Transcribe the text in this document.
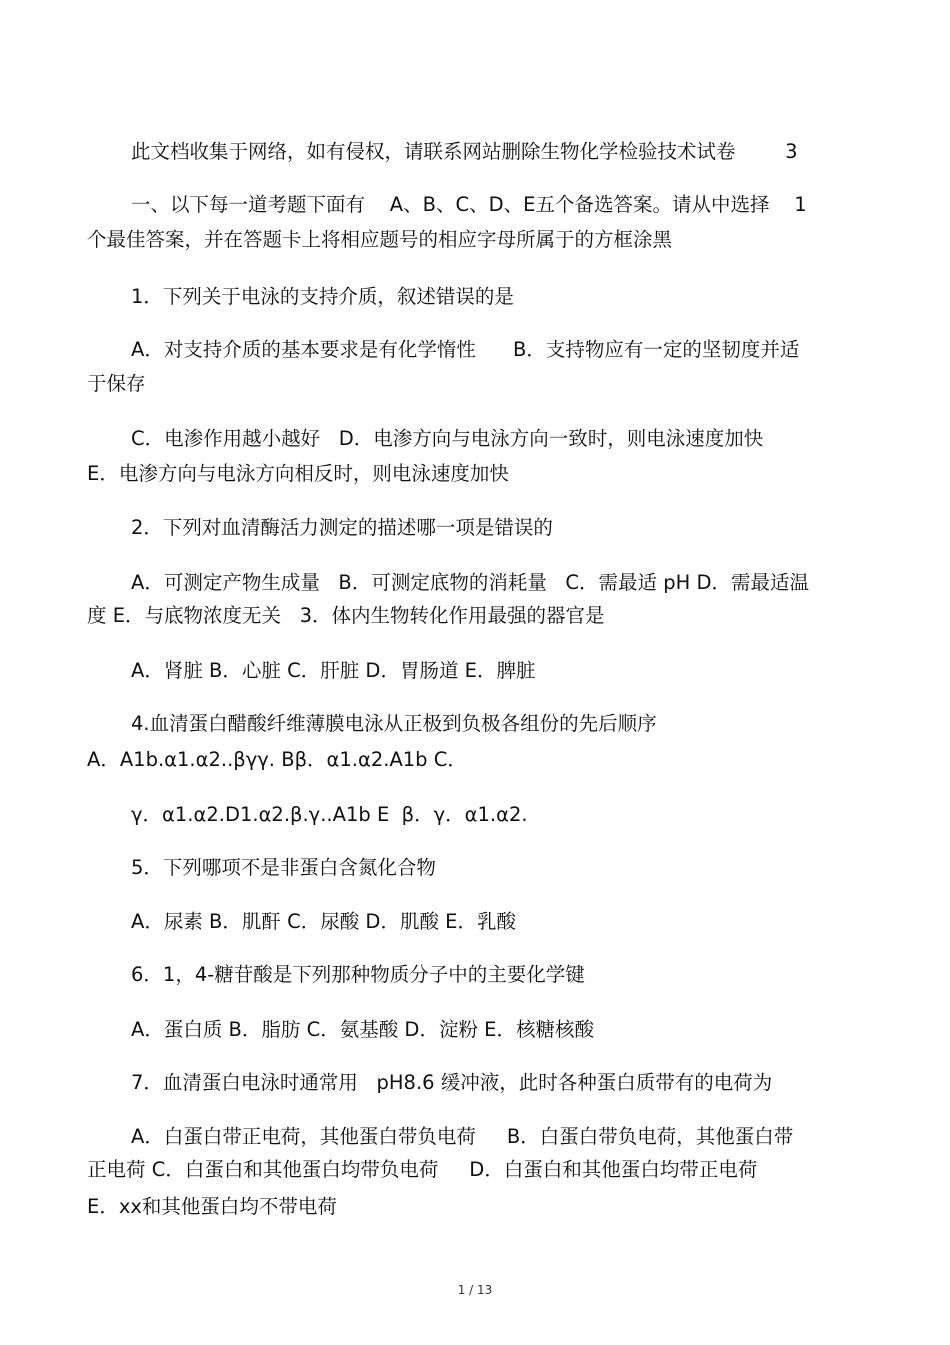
此文档收集于网络，如有侵权，请联系网站删除生物化学检验技术试卷        3
一、以下每一道考题下面有    A、B、C、D、E五个备选答案。请从中选择    1
个最佳答案，并在答题卡上将相应题号的相应字母所属于的方框涂黑
1．下列关于电泳的支持介质，叙述错误的是
A．对支持介质的基本要求是有化学惰性      B．支持物应有一定的坚韧度并适
于保存
C．电渗作用越小越好   D．电渗方向与电泳方向一致时，则电泳速度加快
E．电渗方向与电泳方向相反时，则电泳速度加快
2．下列对血清酶活力测定的描述哪一项是错误的
A．可测定产物生成量   B．可测定底物的消耗量   C．需最适 pH D．需最适温
度 E．与底物浓度无关   3．体内生物转化作用最强的器官是
A．肾脏 B．心脏 C．肝脏 D．胃肠道 E．脾脏
4.血清蛋白醋酸纤维薄膜电泳从正极到负极各组份的先后顺序
A．A1b.α1.α2..βγγ. Bβ．α1.α2.A1b C．
γ．α1.α2.D1.α2.β.γ..A1b E  β．γ．α1.α2.
5．下列哪项不是非蛋白含氮化合物
A．尿素 B．肌酐 C．尿酸 D．肌酸 E．乳酸
6．1，4-糖苷酸是下列那种物质分子中的主要化学键
A．蛋白质 B．脂肪 C．氨基酸 D．淀粉 E．核糖核酸
7．血清蛋白电泳时通常用   pH8.6 缓冲液，此时各种蛋白质带有的电荷为
A．白蛋白带正电荷，其他蛋白带负电荷     B．白蛋白带负电荷，其他蛋白带
正电荷 C．白蛋白和其他蛋白均带负电荷     D．白蛋白和其他蛋白均带正电荷
E．xx和其他蛋白均不带电荷
1 / 13
